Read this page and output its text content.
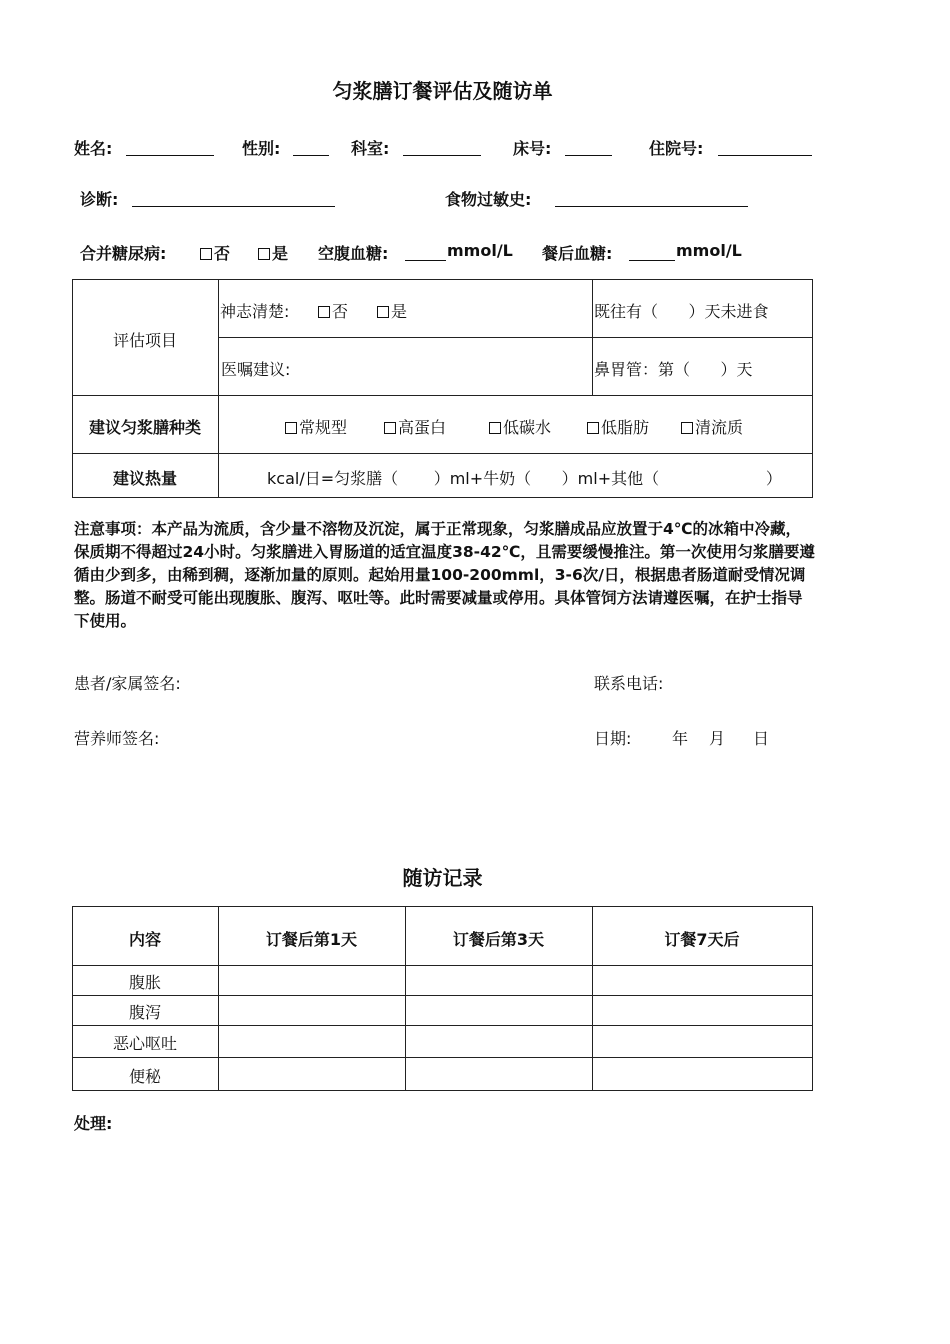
匀浆膳订餐评估及随访单
姓名:	性别:	科室:	床号:	住院号:
诊断:	食物过敏史:
合并糖尿病:	否	是 空腹血糖:	mmol/L 餐后血糖:	mmol/L
评估项目
神志清楚:	否	是	既往有（      ）天未进食
医嘱建议:	鼻胃管：第（      ）天
建议匀浆膳种类	常规型	高蛋白	低碳水	低脂肪	清流质
建议热量	kcal/日=匀浆膳（       ）ml+牛奶（      ）ml+其他（                     ）
注意事项：本产品为流质，含少量不溶物及沉淀，属于正常现象，匀浆膳成品应放置于4℃的冰箱中冷藏，保质期不得超过24小时。匀浆膳进入胃肠道的适宜温度38-42℃，且需要缓慢推注。第一次使用匀浆膳要遵循由少到多，由稀到稠，逐渐加量的原则。起始用量100-200mml，3-6次/日，根据患者肠道耐受情况调整。肠道不耐受可能出现腹胀、腹泻、呕吐等。此时需要减量或停用。具体管饲方法请遵医嘱，在护士指导下使用。
患者/家属签名:	联系电话:
营养师签名:	日期:	年 月 日
随访记录
内容	订餐后第1天	订餐后第3天	订餐7天后
腹胀
腹泻
恶心呕吐
便秘
处理:
